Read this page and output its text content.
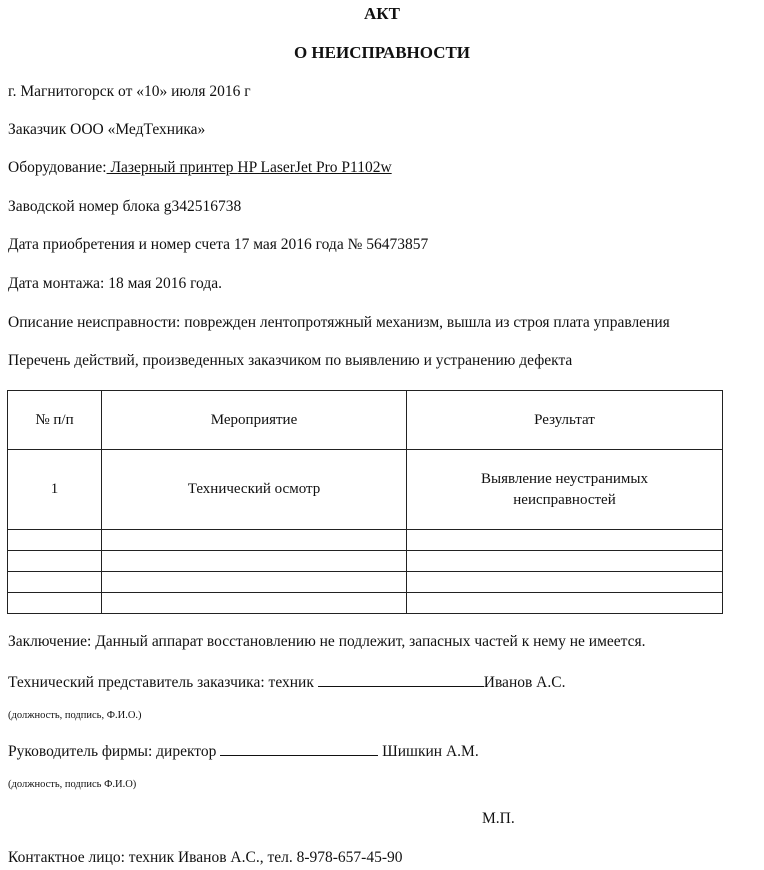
АКТ
О НЕИСПРАВНОСТИ
г. Магнитогорск от «10» июля 2016 г
Заказчик ООО «МедТехника»
Оборудование: Лазерный принтер HP LaserJet Pro P1102w
Заводской номер блока g342516738
Дата приобретения и номер счета 17 мая 2016 года № 56473857
Дата монтажа: 18 мая 2016 года.
Описание неисправности: поврежден лентопротяжный механизм, вышла из строя плата управления
Перечень действий, произведенных заказчиком по выявлению и устранению дефекта
№ п/п	Мероприятие	Результат
1	Технический осмотр	Выявление неустранимых
неисправностей

Заключение: Данный аппарат восстановлению не подлежит, запасных частей к нему не имеется.
Технический представитель заказчика: техник	Иванов А.С.
(должность, подпись, Ф.И.О.)
Руководитель фирмы: директор	Шишкин А.М.
(должность, подпись Ф.И.О)
М.П.
Контактное лицо: техник Иванов А.С., тел. 8-978-657-45-90
